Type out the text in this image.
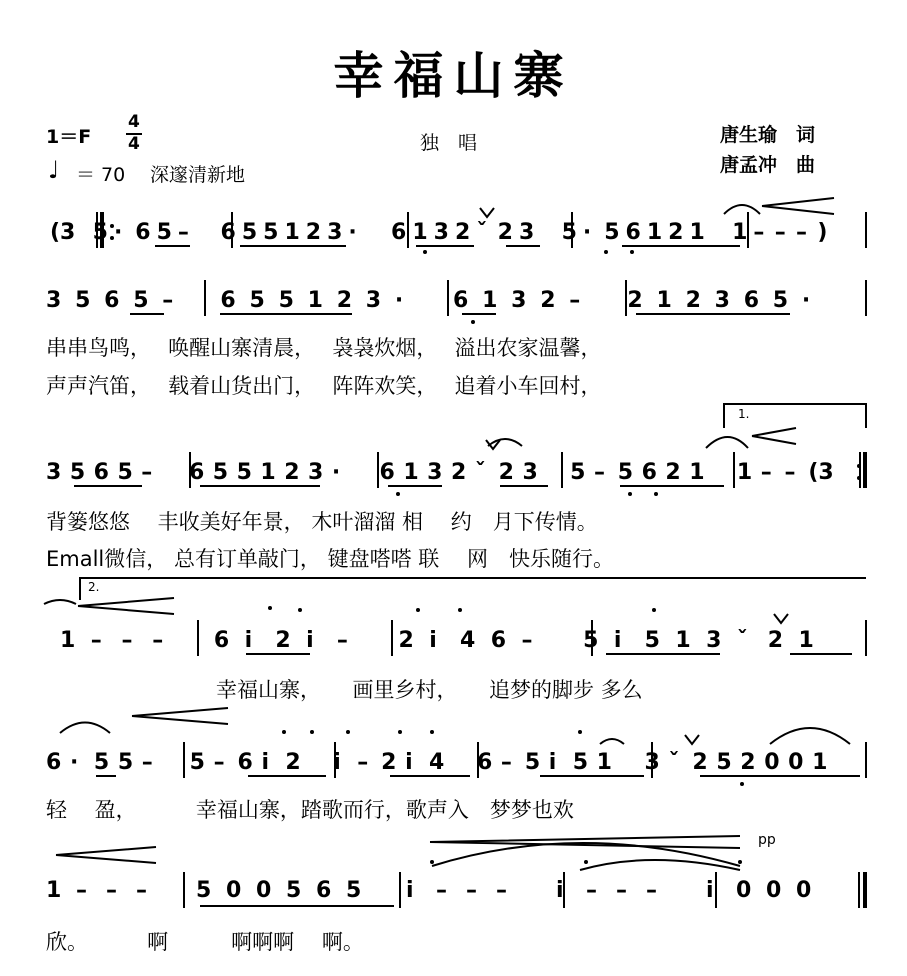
幸福山寨
1＝F
4
4
♩ ＝ 70 深邃清新地
独　唱	唐生瑜　词
唐孟冲　曲
(3 5 · 6 5 – 6 5 5 1 2 3 · 6 1 3 2 ˇ 2 3 5 · 5 6 1 2 1 1 – – – )
3 5 6 5 – 6 5 5 1 2 3 · 6 1 3 2 – 2 1 2 3 6 5 ·
串串鸟鸣，　 唤醒山寨清晨，　 袅袅炊烟，　 溢出农家温馨，
声声汽笛，　 载着山货出门，　 阵阵欢笑，　 追着小车回村，
3 5 6 5 – 6 5 5 1 2 3 · 6 1 3 2 ˇ 2 3 5 – 5 6 2 1 1 – – (3
背篓悠悠　 丰收美好年景， 木叶溜溜 相　 约　月下传情。
Emall微信， 总有订单敲门， 键盘嗒嗒 联　 网　快乐随行。
1 – – – 6 i 2 i – 2 i 4 6 – 5 i 5 1 3 ˇ 2 1
幸福山寨，　　画里乡村，　　追梦的脚步 多么
6 · 5 5 – 5 – 6 i 2 i – 2 i 4 6 – 5 i 5 1 3 ˇ 2 5 2 0 0 1
轻　 盈，　　　 幸福山寨，踏歌而行，歌声入　梦梦也欢
1 – – – 5 0 0 5 6 5 i – – – i – – – i 0 0 0
欣。　　　 啊　　　啊啊啊　 啊。
1.
2.
pp
